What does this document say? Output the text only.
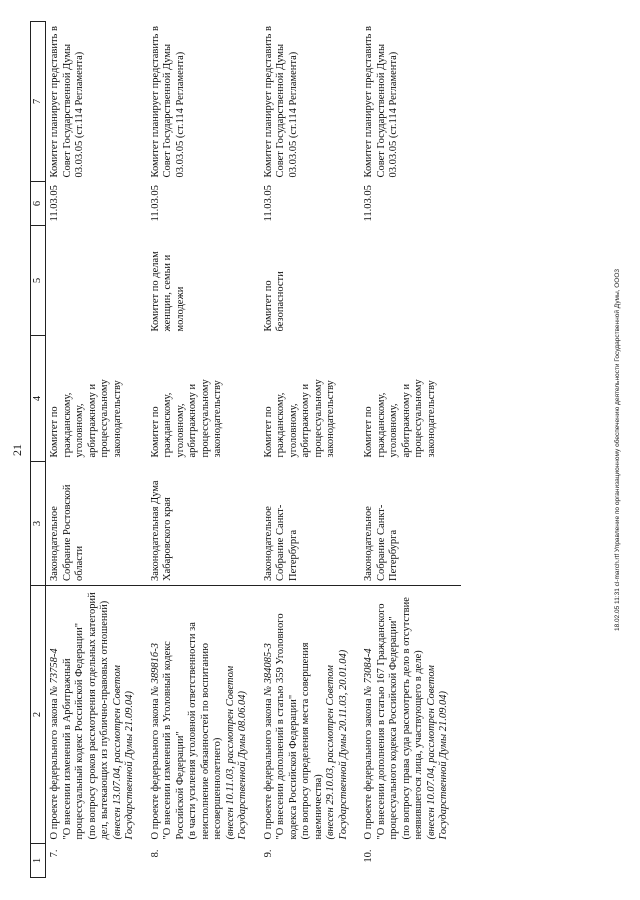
21
1	2	3	4	5	6	7
7.	О проекте федерального закона № 73758-4 "О внесении изменений в Арбитражный процессуальный кодекс Российской Федерации" (по вопросу сроков рассмотрения отдельных категорий дел, вытекающих из публично-правовых отношений) (внесен 13.07.04, рассмотрен Советом Государственной Думы 21.09.04)	Законодательное Собрание Ростовской области	Комитет по гражданскому, уголовному, арбитражному и процессуальному законодательству		11.03.05	Комитет планирует представить в Совет Государственной Думы 03.03.05 (ст.114 Регламента)
8.	О проекте федерального закона № 38981б-3 "О внесении изменений в Уголовный кодекс Российской Федерации" (в части усиления уголовной ответственности за неисполнение обязанностей по воспитанию несовершеннолетнего) (внесен 10.11.03, рассмотрен Советом Государственной Думы 08.06.04)	Законодательная Дума Хабаровского края	Комитет по гражданскому, уголовному, арбитражному и процессуальному законодательству	Комитет по делам женщин, семьи и молодежи	11.03.05	Комитет планирует представить в Совет Государственной Думы 03.03.05 (ст.114 Регламента)
9.	О проекте федерального закона № 384085-3 "О внесении дополнений в статью 359 Уголовного кодекса Российской Федерации" (по вопросу определения места совершения наемничества) (внесен 29.10.03, рассмотрен Советом Государственной Думы 20.11.03, 20.01.04)	Законодательное Собрание Санкт-Петербурга	Комитет по гражданскому, уголовному, арбитражному и процессуальному законодательству	Комитет по безопасности	11.03.05	Комитет планирует представить в Совет Государственной Думы 03.03.05 (ст.114 Регламента)
10.	О проекте федерального закона № 73084-4 "О внесении дополнения в статью 167 Гражданского процессуального кодекса Российской Федерации" (по вопросу права суда рассмотреть дело в отсутствие неявившегося лица, участвующего в деле) (внесен 10.07.04, рассмотрен Советом Государственной Думы 21.09.04)	Законодательное Собрание Санкт-Петербурга	Комитет по гражданскому, уголовному, арбитражному и процессуальному законодательству		11.03.05	Комитет планирует представить в Совет Государственной Думы 03.03.05 (ст.114 Регламента)
18.02.05 11:31 cl-march.rtf Управление по организационному обеспечению деятельности Государственной Думы, ООО3
